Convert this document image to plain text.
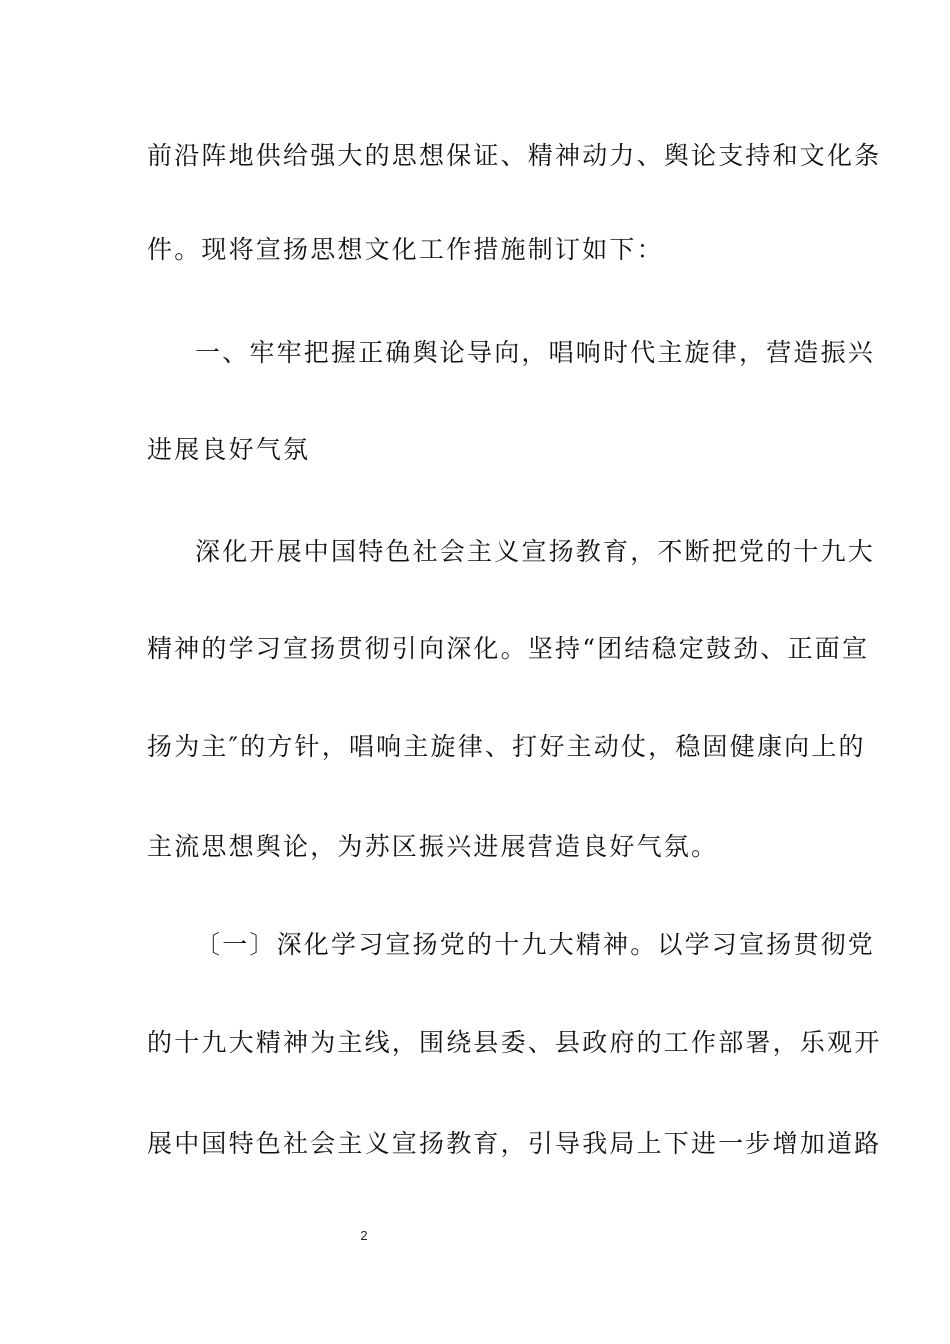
前沿阵地供给强大的思想保证、精神动力、舆论支持和文化条
件。现将宣扬思想文化工作措施制订如下：
一、牢牢把握正确舆论导向，唱响时代主旋律，营造振兴
进展良好气氛
深化开展中国特色社会主义宣扬教育，不断把党的十九大
精神的学习宣扬贯彻引向深化。坚持“团结稳定鼓劲、正面宣
扬为主″的方针，唱响主旋律、打好主动仗，稳固健康向上的
主流思想舆论，为苏区振兴进展营造良好气氛。
〔一〕深化学习宣扬党的十九大精神。以学习宣扬贯彻党
的十九大精神为主线，围绕县委、县政府的工作部署，乐观开
展中国特色社会主义宣扬教育，引导我局上下进一步增加道路
2
